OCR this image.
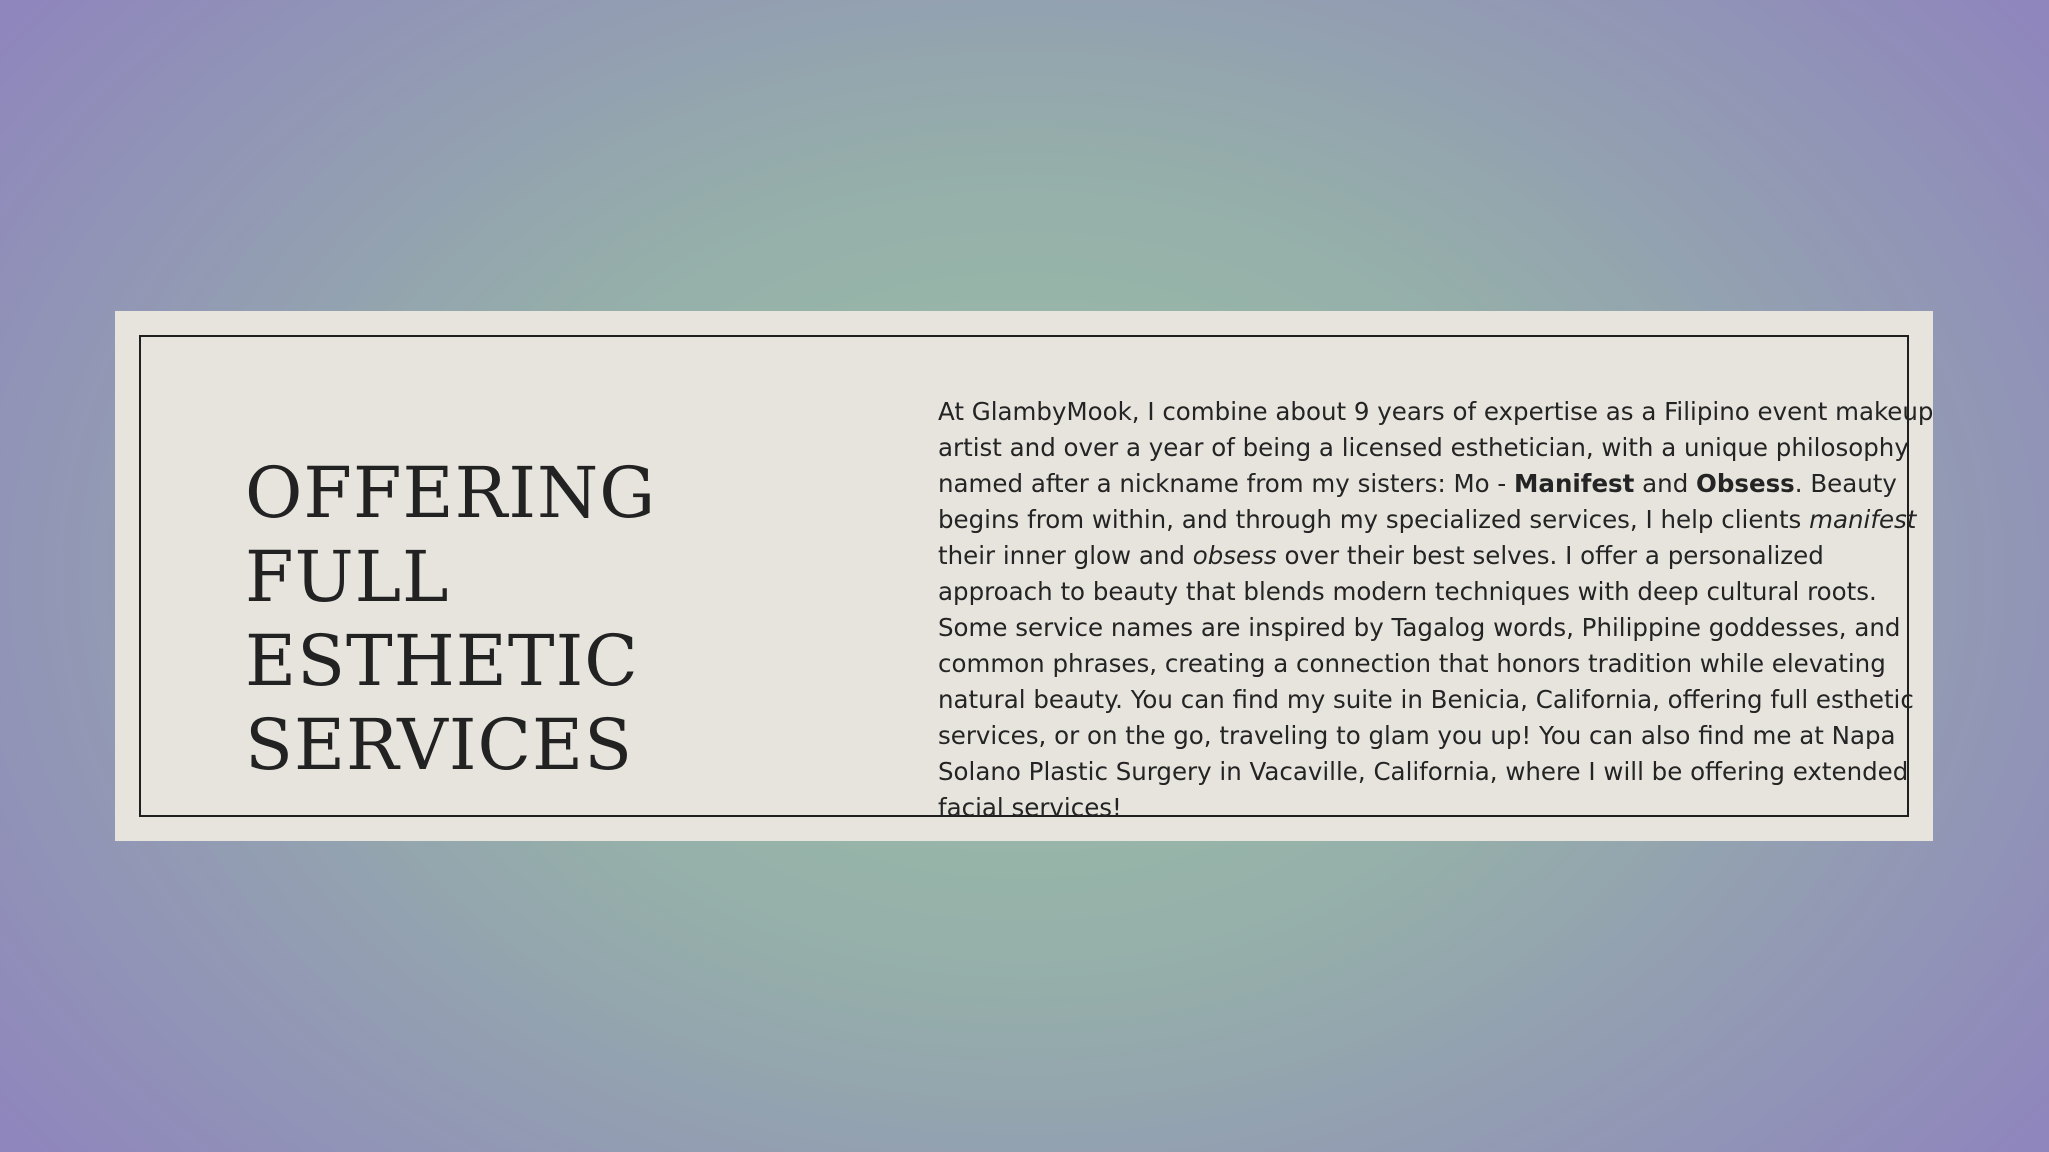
OFFERING FULL
ESTHETIC
SERVICES

At GlambyMook, I combine about 9 years of expertise as a Filipino event makeup artist and over a year of being a licensed esthetician, with a unique philosophy named after a nickname from my sisters: Mo - Manifest and Obsess. Beauty begins from within, and through my specialized services, I help clients manifest their inner glow and obsess over their best selves. I offer a personalized approach to beauty that blends modern techniques with deep cultural roots. Some service names are inspired by Tagalog words, Philippine goddesses, and common phrases, creating a connection that honors tradition while elevating natural beauty. You can find my suite in Benicia, California, offering full esthetic services, or on the go, traveling to glam you up! You can also find me at Napa Solano Plastic Surgery in Vacaville, California, where I will be offering extended facial services!
